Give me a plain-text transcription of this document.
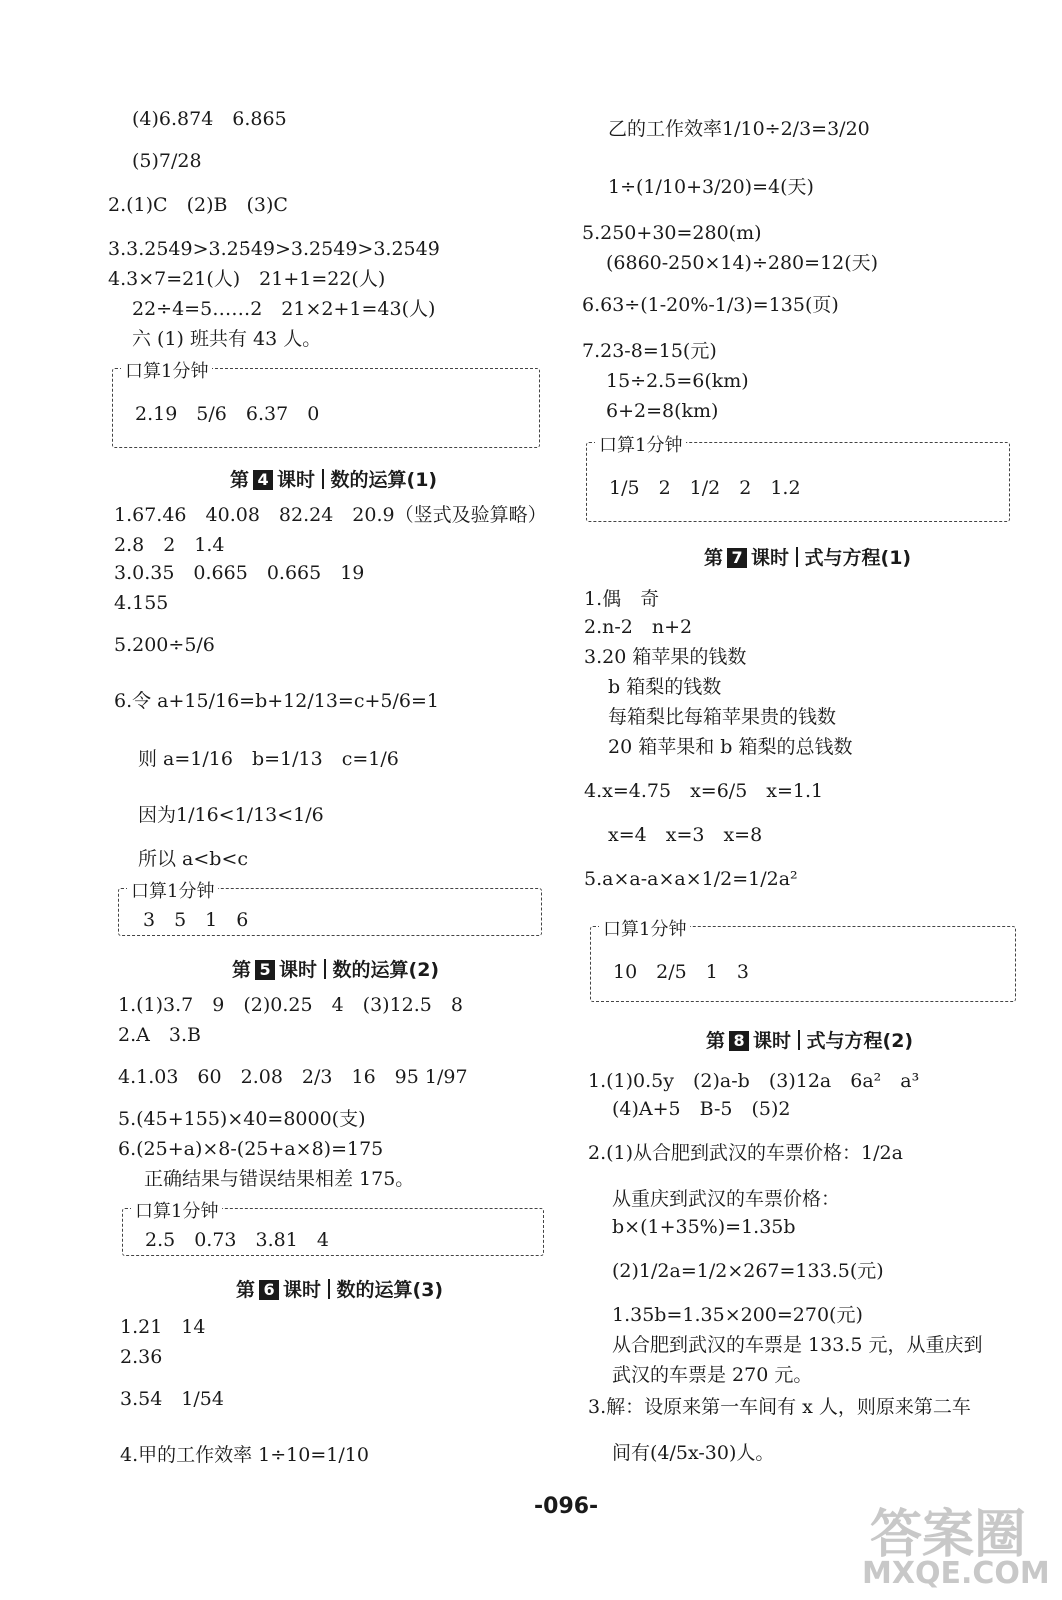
(4)6.874　6.865
(5)7/28
2.(1)C　(2)B　(3)C
3.3.2549̇>3.25̇49̇>3.254̇9̇>3.2̇549̇
4.3×7=21(人)　21+1=22(人)
22÷4=5……2　21×2+1=43(人)
六 (1) 班共有 43 人。
口算1分钟
2.19　5/6　6.37　0
第 4 课时 数的运算(1)
1.67.46　40.08　82.24　20.9（竖式及验算略）
2.8　2　1.4
3.0.35　0.665　0.665　19
4.155
5.200÷5/6
6.令 a+15/16=b+12/13=c+5/6=1
则 a=1/16　b=1/13　c=1/6
因为1/16<1/13<1/6
所以 a<b<c
口算1分钟
3　5　1　6
第 5 课时 数的运算(2)
1.(1)3.7　9　(2)0.25　4　(3)12.5　8
2.A　3.B
4.1.03　60　2.08　2/3　16　95 1/97
5.(45+155)×40=8000(支)
6.(25+a)×8-(25+a×8)=175
正确结果与错误结果相差 175。
口算1分钟
2.5　0.73　3.81　4
第 6 课时 数的运算(3)
1.21　14
2.36
3.54　1/54
4.甲的工作效率 1÷10=1/10
乙的工作效率1/10÷2/3=3/20
1÷(1/10+3/20)=4(天)
5.250+30=280(m)
(6860-250×14)÷280=12(天)
6.63÷(1-20%-1/3)=135(页)
7.23-8=15(元)
15÷2.5=6(km)
6+2=8(km)
口算1分钟
1/5　2　1/2　2　1.2
第 7 课时 式与方程(1)
1.偶　奇
2.n-2　n+2
3.20 箱苹果的钱数
b 箱梨的钱数
每箱梨比每箱苹果贵的钱数
20 箱苹果和 b 箱梨的总钱数
4.x=4.75　x=6/5　x=1.1
x=4　x=3　x=8
5.a×a-a×a×1/2=1/2a²
口算1分钟
10　2/5　1　3
第 8 课时 式与方程(2)
1.(1)0.5y　(2)a-b　(3)12a　6a²　a³
(4)A+5　B-5　(5)2
2.(1)从合肥到武汉的车票价格：1/2a
从重庆到武汉的车票价格：
b×(1+35%)=1.35b
(2)1/2a=1/2×267=133.5(元)
1.35b=1.35×200=270(元)
从合肥到武汉的车票是 133.5 元，从重庆到
武汉的车票是 270 元。
3.解：设原来第一车间有 x 人，则原来第二车
间有(4/5x-30)人。
-096-	答案圈
MXQE.COM
